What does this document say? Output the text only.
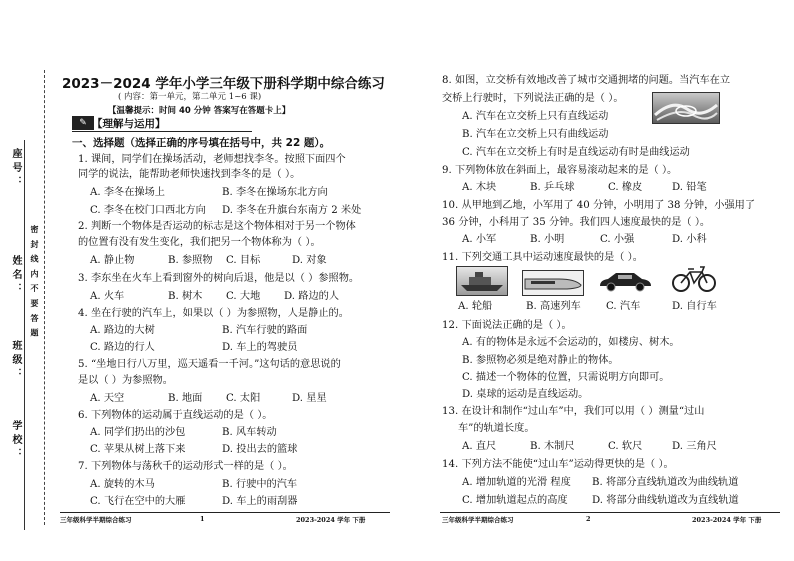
座号：
姓名：
班级：
学校：
密 封 线 内 不 要 答 题
2023－2024 学年小学三年级下册科学期中综合练习
( 内容：第一单元，第二单元 1~6 课)
【温馨提示：时间 40 分钟 答案写在答题卡上】
✎ 【理解与运用】
一、选择题（选择正确的序号填在括号中，共 22 题）。
1. 课间，同学们在操场活动，老师想找李冬。按照下面四个
同学的说法，能帮助老师快速找到李冬的是（ ）。
A. 李冬在操场上	B. 李冬在操场东北方向
C. 李冬在校门口西北方向 D. 李冬在升旗台东南方 2 米处
2. 判断一个物体是否运动的标志是这个物体相对于另一个物体
的位置有没有发生变化，我们把另一个物体称为（ ）。
A. 静止物	B. 参照物 C. 目标	D. 对象
3. 李东坐在火车上看到窗外的树向后退，他是以（ ）参照物。
A. 火车	B. 树木 C. 大地 D. 路边的人
4. 坐在行驶的汽车上，如果以（ ）为参照物，人是静止的。
A. 路边的大树	B. 汽车行驶的路面
C. 路边的行人	D. 车上的驾驶员
5. “坐地日行八万里，巡天遥看一千河。”这句话的意思说的
是以（ ）为参照物。
A. 天空	B. 地面 C. 太阳	D. 星星
6. 下列物体的运动属于直线运动的是（ ）。
A. 同学们扔出的沙包	B. 风车转动
C. 苹果从树上落下来	D. 投出去的篮球
7. 下列物体与荡秋千的运动形式一样的是（ ）。
A. 旋转的木马	B. 行驶中的汽车
C. 飞行在空中的大雁	D. 车上的雨刮器
三年级科学半期综合练习	1	2023-2024 学年 下册
8. 如图，立交桥有效地改善了城市交通拥堵的问题。当汽车在立
交桥上行驶时，下列说法正确的是（ ）。
A. 汽车在立交桥上只有直线运动
B. 汽车在立交桥上只有曲线运动
C. 汽车在立交桥上有时是直线运动有时是曲线运动
9. 下列物体放在斜面上，最容易滚动起来的是（ ）。
A. 木块	B. 乒乓球	C. 橡皮	D. 铅笔
10. 从甲地到乙地，小军用了 40 分钟，小明用了 38 分钟，小强用了
36 分钟，小科用了 35 分钟。我们四人速度最快的是（ ）。
A. 小军	B. 小明	C. 小强	D. 小科
11. 下列交通工具中运动速度最快的是（ ）。
A. 轮船	B. 高速列车 C. 汽车	D. 自行车
12. 下面说法正确的是（ ）。
A. 有的物体是永远不会运动的，如楼房、树木。
B. 参照物必须是绝对静止的物体。
C. 描述一个物体的位置，只需说明方向即可。
D. 桌球的运动是直线运动。
13. 在设计和制作“过山车”中，我们可以用（ ）测量“过山
车”的轨道长度。
A. 直尺	B. 木制尺	C. 软尺	D. 三角尺
14. 下列方法不能使“过山车”运动得更快的是（ ）。
A. 增加轨道的光滑 程度 B. 将部分直线轨道改为曲线轨道
C. 增加轨道起点的高度 D. 将部分曲线轨道改为直线轨道
三年级科学半期综合练习	2	2023-2024 学年 下册
